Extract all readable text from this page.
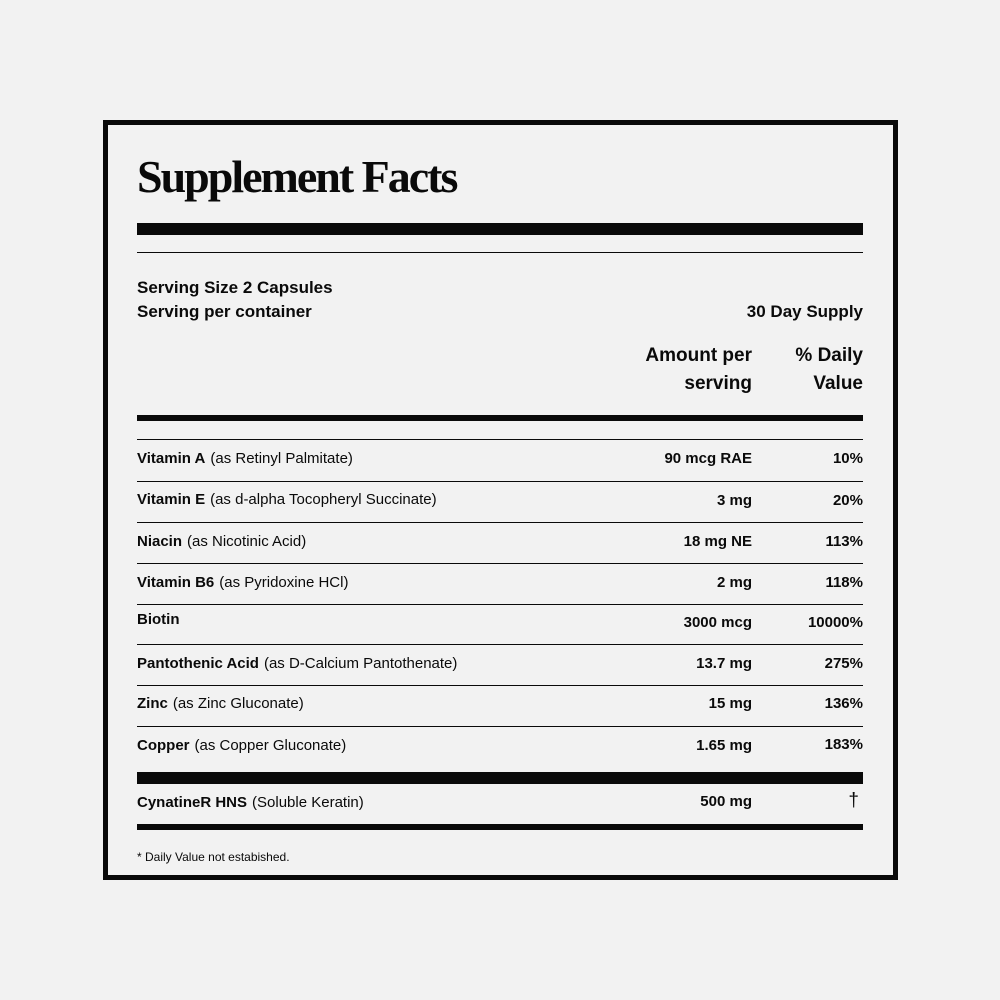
Supplement Facts
Serving Size 2 Capsules
Serving per container	30 Day Supply
Amount per
serving
% Daily
Value
Vitamin A (as Retinyl Palmitate)	90 mcg RAE	10%
Vitamin E (as d-alpha Tocopheryl Succinate)	3 mg	20%
Niacin (as Nicotinic Acid)	18 mg NE	113%
Vitamin B6 (as Pyridoxine HCl)	2 mg	118%
Biotin	3000 mcg	10000%
Pantothenic Acid (as D-Calcium Pantothenate)	13.7 mg	275%
Zinc (as Zinc Gluconate)	15 mg	136%
Copper (as Copper Gluconate)	1.65 mg	183%
CynatineR HNS (Soluble Keratin)	500 mg	†
* Daily Value not estabished.
